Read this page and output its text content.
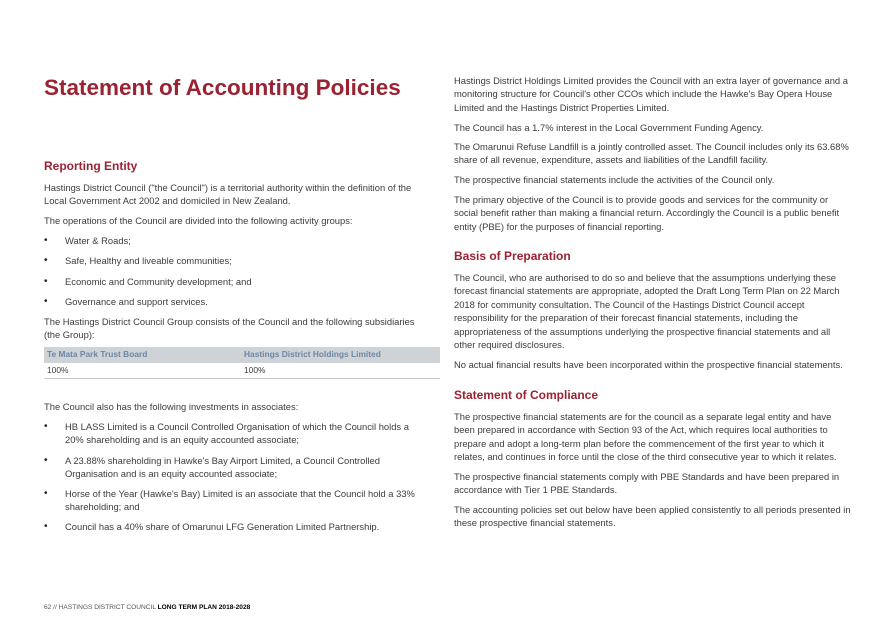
Statement of Accounting Policies
Reporting Entity

Hastings District Council ("the Council") is a territorial authority within the definition of the Local Government Act 2002 and domiciled in New Zealand.

The operations of the Council are divided into the following activity groups:

• Water & Roads;
• Safe, Healthy and liveable communities;
• Economic and Community development; and
• Governance and support services.

The Hastings District Council Group consists of the Council and the following subsidiaries (the Group):

Te Mata Park Trust Board	Hastings District Holdings Limited
100%	100%

The Council also has the following investments in associates:

• HB LASS Limited is a Council Controlled Organisation of which the Council holds a 20% shareholding and is an equity accounted associate;
• A 23.88% shareholding in Hawke's Bay Airport Limited, a Council Controlled Organisation and is an equity accounted associate;
• Horse of the Year (Hawke's Bay) Limited is an associate that the Council hold a 33% shareholding; and
• Council has a 40% share of Omarunui LFG Generation Limited Partnership.

Hastings District Holdings Limited provides the Council with an extra layer of governance and a monitoring structure for Council's other CCOs which include the Hawke's Bay Opera House Limited and the Hastings District Properties Limited.

The Council has a 1.7% interest in the Local Government Funding Agency.

The Omarunui Refuse Landfill is a jointly controlled asset. The Council includes only its 63.68% share of all revenue, expenditure, assets and liabilities of the Landfill facility.

The prospective financial statements include the activities of the Council only.

The primary objective of the Council is to provide goods and services for the community or social benefit rather than making a financial return. Accordingly the Council is a public benefit entity (PBE) for the purposes of financial reporting.

Basis of Preparation

The Council, who are authorised to do so and believe that the assumptions underlying these forecast financial statements are appropriate, adopted the Draft Long Term Plan on 22 March 2018 for community consultation. The Council of the Hastings District Council accept responsibility for the preparation of their forecast financial statements, including the appropriateness of the assumptions underlying the prospective financial statements and all other required disclosures.

No actual financial results have been incorporated within the prospective financial statements.

Statement of Compliance

The prospective financial statements are for the council as a separate legal entity and have been prepared in accordance with Section 93 of the Act, which requires local authorities to prepare and adopt a long-term plan before the commencement of the first year to which it relates, and continues in force until the close of the third consecutive year to which it relates.

The prospective financial statements comply with PBE Standards and have been prepared in accordance with Tier 1 PBE Standards.

The accounting policies set out below have been applied consistently to all periods presented in these prospective financial statements.

62 // HASTINGS DISTRICT COUNCIL LONG TERM PLAN 2018-2028
